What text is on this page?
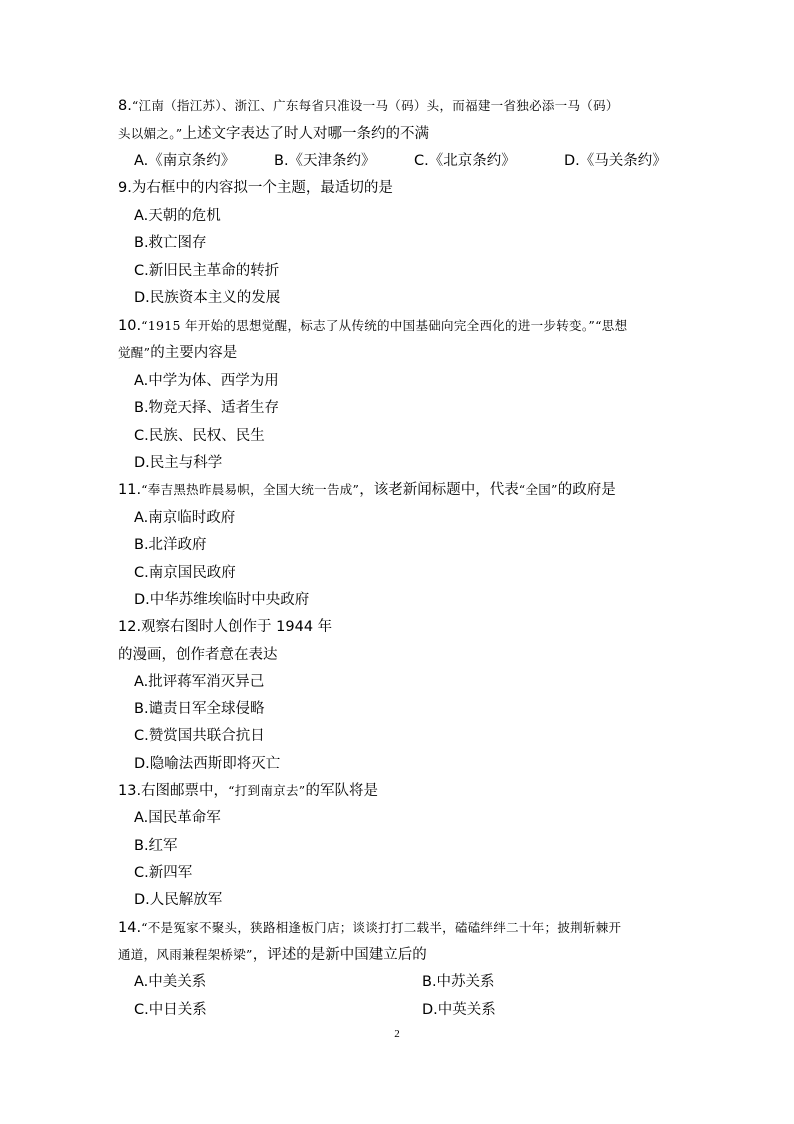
8.“江南（指江苏）、浙江、广东每省只准设一马（码）头，而福建一省独必添一马（码）
头以媚之。”上述文字表达了时人对哪一条约的不满
A.《南京条约》	B.《天津条约》	C.《北京条约》	D.《马关条约》
9.为右框中的内容拟一个主题，最适切的是
A.天朝的危机
B.救亡图存
C.新旧民主革命的转折
D.民族资本主义的发展
10.“1915 年开始的思想觉醒，标志了从传统的中国基础向完全西化的进一步转变。”“思想
觉醒”的主要内容是
A.中学为体、西学为用
B.物竞天择、适者生存
C.民族、民权、民生
D.民主与科学
11.“奉吉黑热昨晨易帜，全国大统一告成”，该老新闻标题中，代表“全国”的政府是
A.南京临时政府
B.北洋政府
C.南京国民政府
D.中华苏维埃临时中央政府
12.观察右图时人创作于 1944 年
的漫画，创作者意在表达
A.批评蒋军消灭异己
B.谴责日军全球侵略
C.赞赏国共联合抗日
D.隐喻法西斯即将灭亡
13.右图邮票中，“打到南京去”的军队将是
A.国民革命军
B.红军
C.新四军
D.人民解放军
14.“不是冤家不聚头，狭路相逢板门店；谈谈打打二载半，磕磕绊绊二十年；披荆斩棘开
通道，风雨兼程架桥梁”，评述的是新中国建立后的
A.中美关系	B.中苏关系
C.中日关系	D.中英关系
2
